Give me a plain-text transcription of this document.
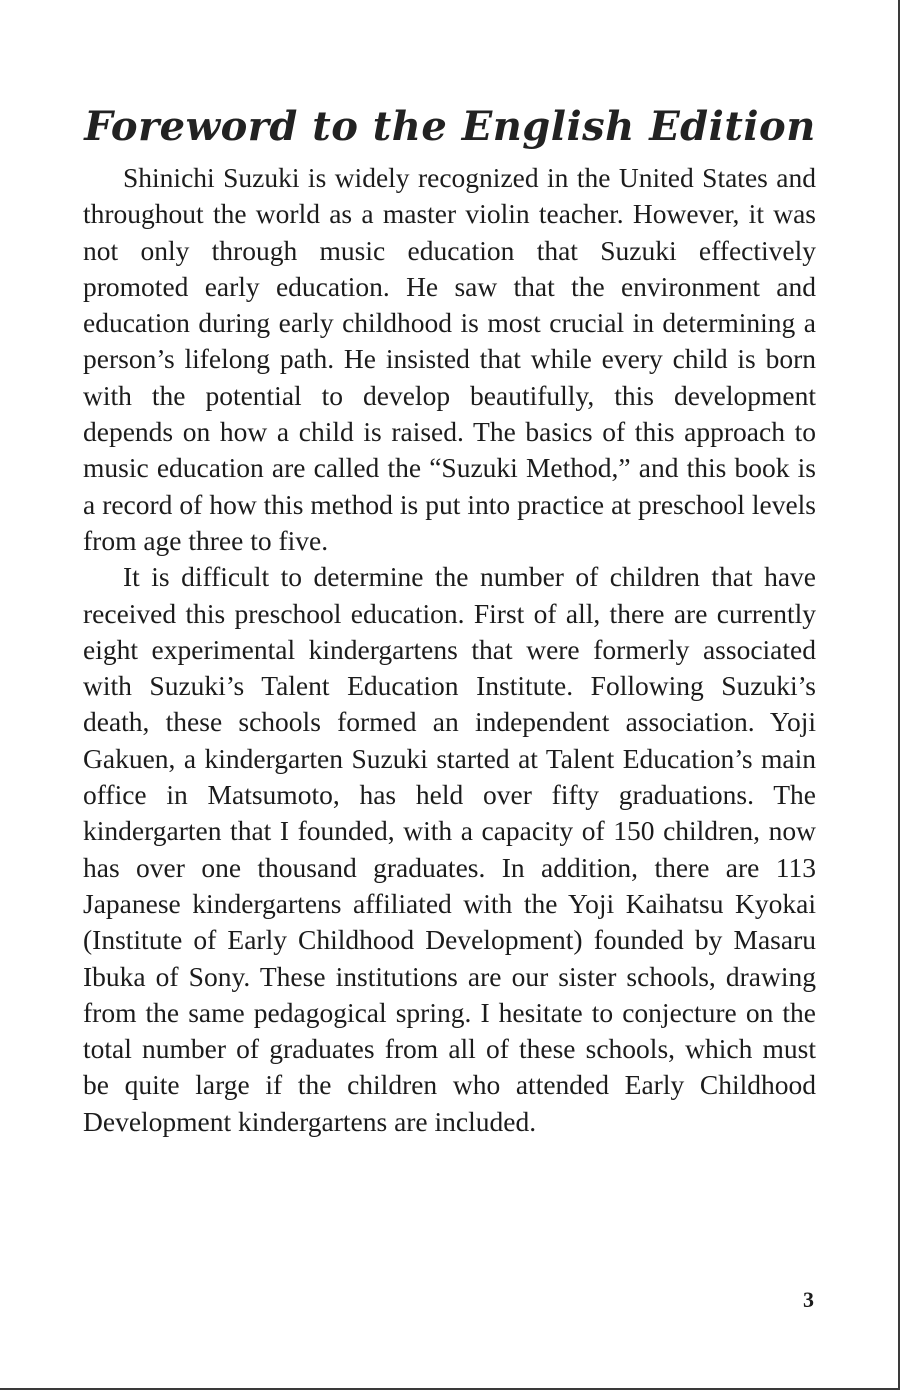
Foreword to the English Edition

Shinichi Suzuki is widely recognized in the United States and throughout the world as a master violin teacher. However, it was not only through music education that Suzuki effectively promoted early education. He saw that the environment and education during early childhood is most crucial in determining a person’s lifelong path. He insisted that while every child is born with the potential to develop beautifully, this development depends on how a child is raised. The basics of this approach to music education are called the “Suzuki Method,” and this book is a record of how this method is put into practice at preschool levels from age three to five.

It is difficult to determine the number of children that have received this preschool education. First of all, there are currently eight experimental kindergartens that were formerly associated with Suzuki’s Talent Education Institute. Following Suzuki’s death, these schools formed an independent association. Yoji Gakuen, a kindergarten Suzuki started at Talent Education’s main office in Matsumoto, has held over fifty graduations. The kindergarten that I founded, with a capacity of 150 children, now has over one thousand graduates. In addition, there are 113 Japanese kindergartens affiliated with the Yoji Kaihatsu Kyokai (Institute of Early Childhood Development) founded by Masaru Ibuka of Sony. These institutions are our sister schools, drawing from the same pedagogical spring. I hesitate to conjecture on the total number of graduates from all of these schools, which must be quite large if the children who attended Early Childhood Development kindergartens are included.

3
